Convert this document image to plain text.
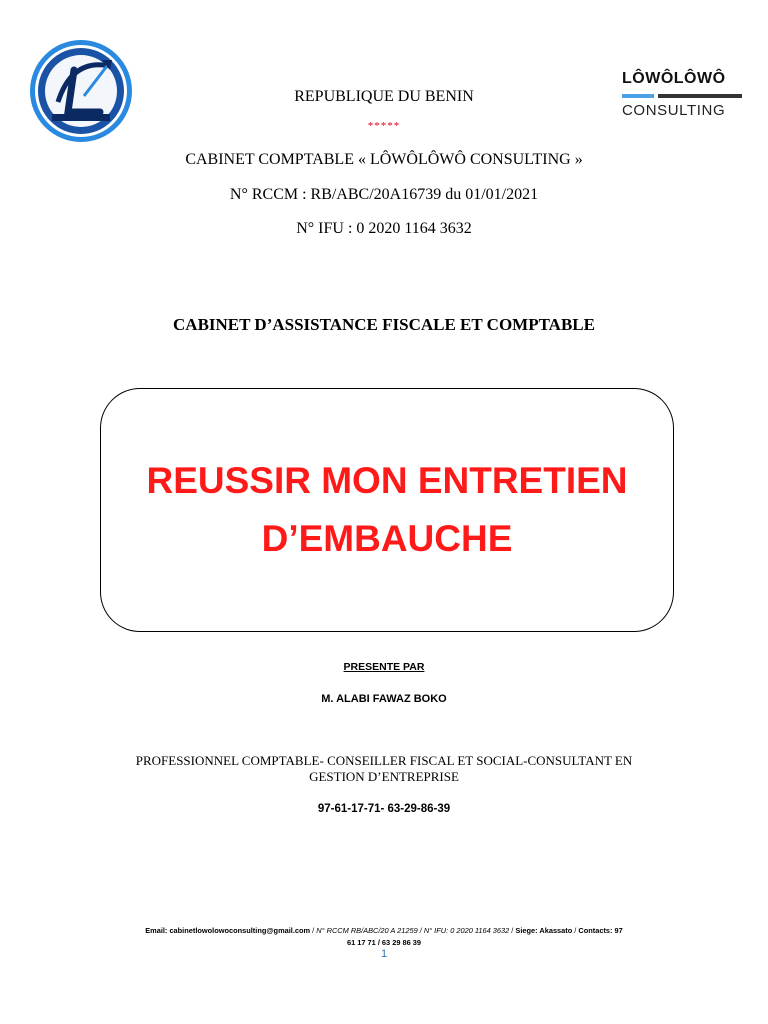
LÔWÔLÔWÔ
CONSULTING
REPUBLIQUE DU BENIN
*****
CABINET COMPTABLE « LÔWÔLÔWÔ CONSULTING »
N° RCCM : RB/ABC/20A16739 du 01/01/2021
N° IFU : 0 2020 1164 3632
CABINET D’ASSISTANCE FISCALE ET COMPTABLE
REUSSIR MON ENTRETIEN
D’EMBAUCHE
PRESENTE PAR
M. ALABI FAWAZ BOKO
PROFESSIONNEL COMPTABLE- CONSEILLER FISCAL ET SOCIAL-CONSULTANT EN
GESTION D’ENTREPRISE
97-61-17-71- 63-29-86-39
Email: cabinetlowolowoconsulting@gmail.com / N° RCCM RB/ABC/20 A 21259 / N° IFU: 0 2020 1164 3632 / Siege: Akassato / Contacts: 97
61 17 71 / 63 29 86 39
1
